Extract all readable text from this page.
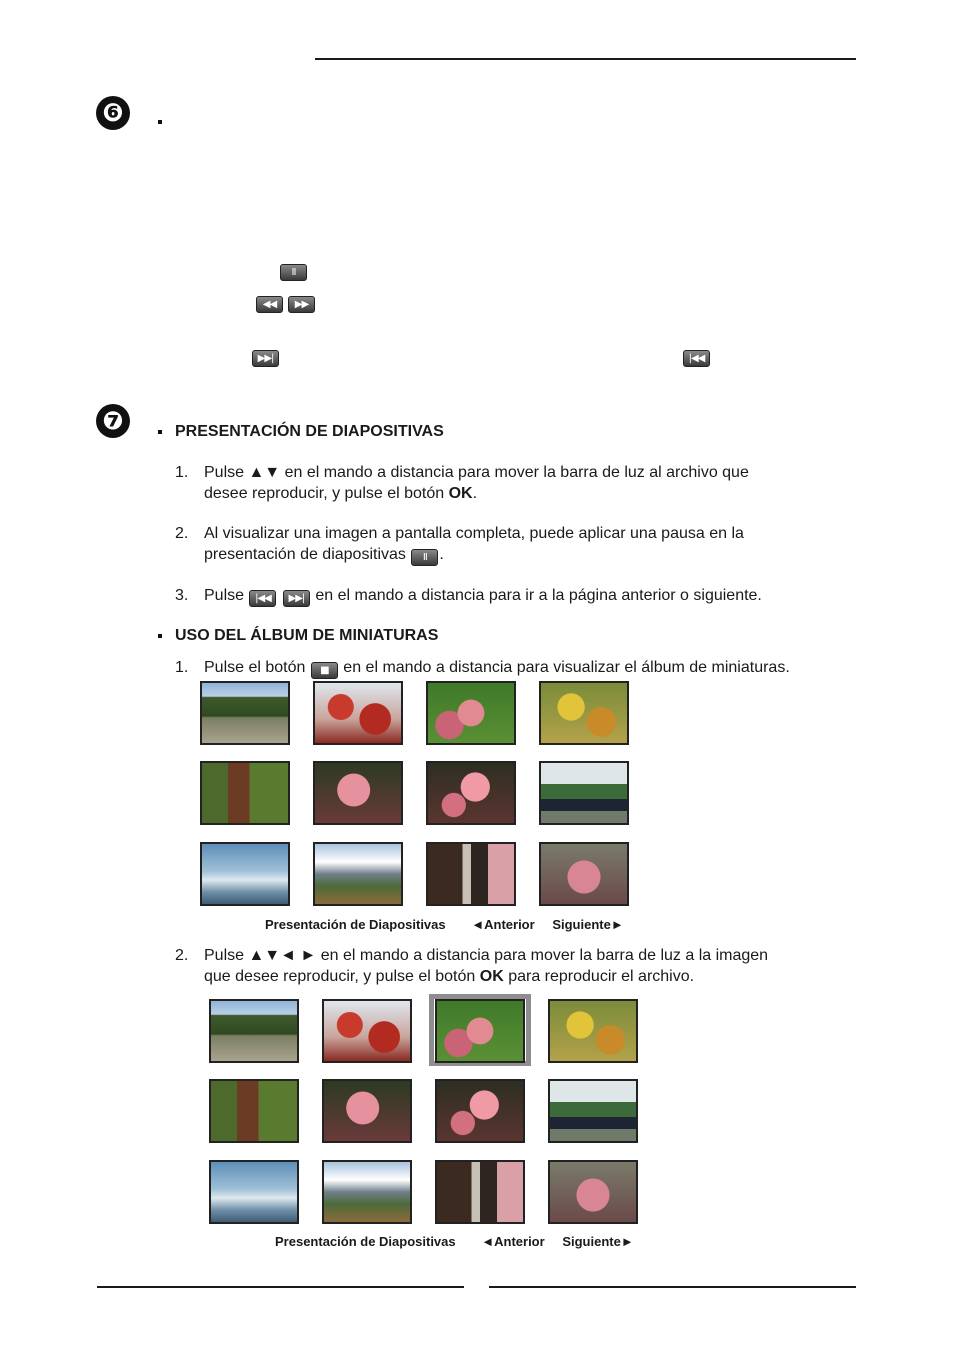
❻
II
◀◀	▶▶
▶▶|	|◀◀
❼	PRESENTACIÓN DE DIAPOSITIVAS
1. Pulse ▲▼ en el mando a distancia para mover la barra de luz al archivo que
desee reproducir, y pulse el botón OK.
2. Al visualizar una imagen a pantalla completa, puede aplicar una pausa en la
presentación de diapositivas II .
3. Pulse |◀◀ ▶▶| en el mando a distancia para ir a la página anterior o siguiente.
USO DEL ÁLBUM DE MINIATURAS
1. Pulse el botón ■ en el mando a distancia para visualizar el álbum de miniaturas.
Presentación de Diapositivas ◄Anterior Siguiente►
2. Pulse ▲▼◄ ► en el mando a distancia para mover la barra de luz a la imagen
que desee reproducir, y pulse el botón OK para reproducir el archivo.
Presentación de Diapositivas ◄Anterior Siguiente►
